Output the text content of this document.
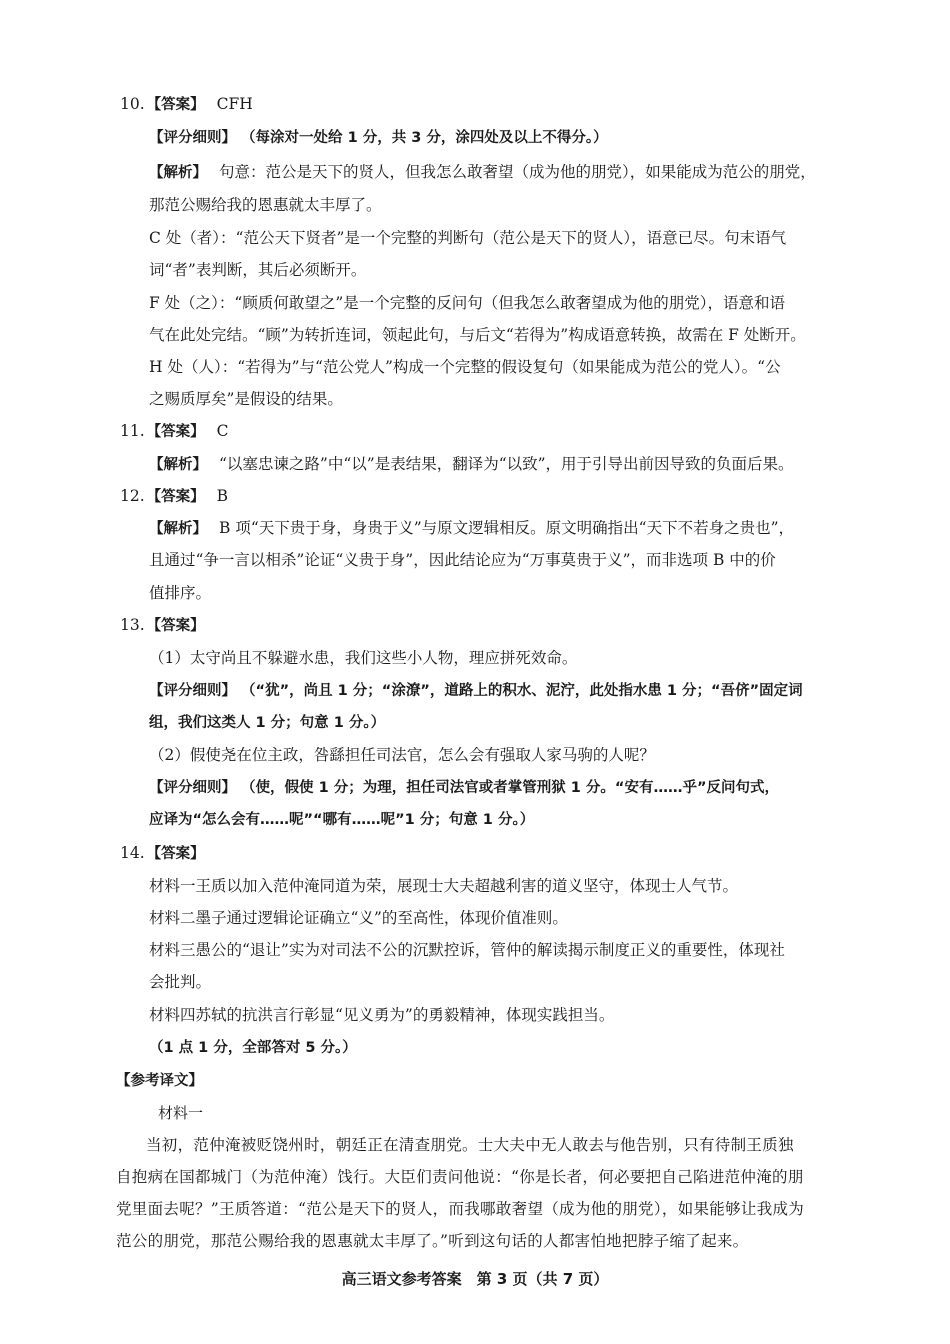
10. 【答案】 CFH
【评分细则】 （每涂对一处给 1 分，共 3 分，涂四处及以上不得分。）
【解析】 句意：范公是天下的贤人，但我怎么敢奢望（成为他的朋党），如果能成为范公的朋党，
那范公赐给我的恩惠就太丰厚了。
C 处（者）：“范公天下贤者”是一个完整的判断句（范公是天下的贤人），语意已尽。句末语气
词“者”表判断，其后必须断开。
F 处（之）：“顾质何敢望之”是一个完整的反问句（但我怎么敢奢望成为他的朋党），语意和语
气在此处完结。“顾”为转折连词，领起此句，与后文“若得为”构成语意转换，故需在 F 处断开。
H 处（人）：“若得为”与“范公党人”构成一个完整的假设复句（如果能成为范公的党人）。“公
之赐质厚矣”是假设的结果。
11. 【答案】 C
【解析】 “以塞忠谏之路”中“以”是表结果，翻译为“以致”，用于引导出前因导致的负面后果。
12. 【答案】 B
【解析】 B 项“天下贵于身，身贵于义”与原文逻辑相反。原文明确指出“天下不若身之贵也”，
且通过“争一言以相杀”论证“义贵于身”，因此结论应为“万事莫贵于义”，而非选项 B 中的价
值排序。
13. 【答案】
（1）太守尚且不躲避水患，我们这些小人物，理应拼死效命。
【评分细则】 （“犹”，尚且 1 分；“涂潦”，道路上的积水、泥泞，此处指水患 1 分；“吾侪”固定词
组，我们这类人 1 分；句意 1 分。）
（2）假使尧在位主政，咎繇担任司法官，怎么会有强取人家马驹的人呢？
【评分细则】 （使，假使 1 分；为理，担任司法官或者掌管刑狱 1 分。“安有……乎”反问句式，
应译为“怎么会有……呢”“哪有……呢”1 分；句意 1 分。）
14. 【答案】
材料一王质以加入范仲淹同道为荣，展现士大夫超越利害的道义坚守，体现士人气节。
材料二墨子通过逻辑论证确立“义”的至高性，体现价值准则。
材料三愚公的“退让”实为对司法不公的沉默控诉，管仲的解读揭示制度正义的重要性，体现社
会批判。
材料四苏轼的抗洪言行彰显“见义勇为”的勇毅精神，体现实践担当。
（1 点 1 分，全部答对 5 分。）
【参考译文】
材料一
当初，范仲淹被贬饶州时，朝廷正在清查朋党。士大夫中无人敢去与他告别，只有待制王质独
自抱病在国都城门（为范仲淹）饯行。大臣们责问他说：“你是长者，何必要把自己陷进范仲淹的朋
党里面去呢？”王质答道：“范公是天下的贤人，而我哪敢奢望（成为他的朋党），如果能够让我成为
范公的朋党，那范公赐给我的恩惠就太丰厚了。”听到这句话的人都害怕地把脖子缩了起来。
高三语文参考答案　第 3 页（共 7 页）
